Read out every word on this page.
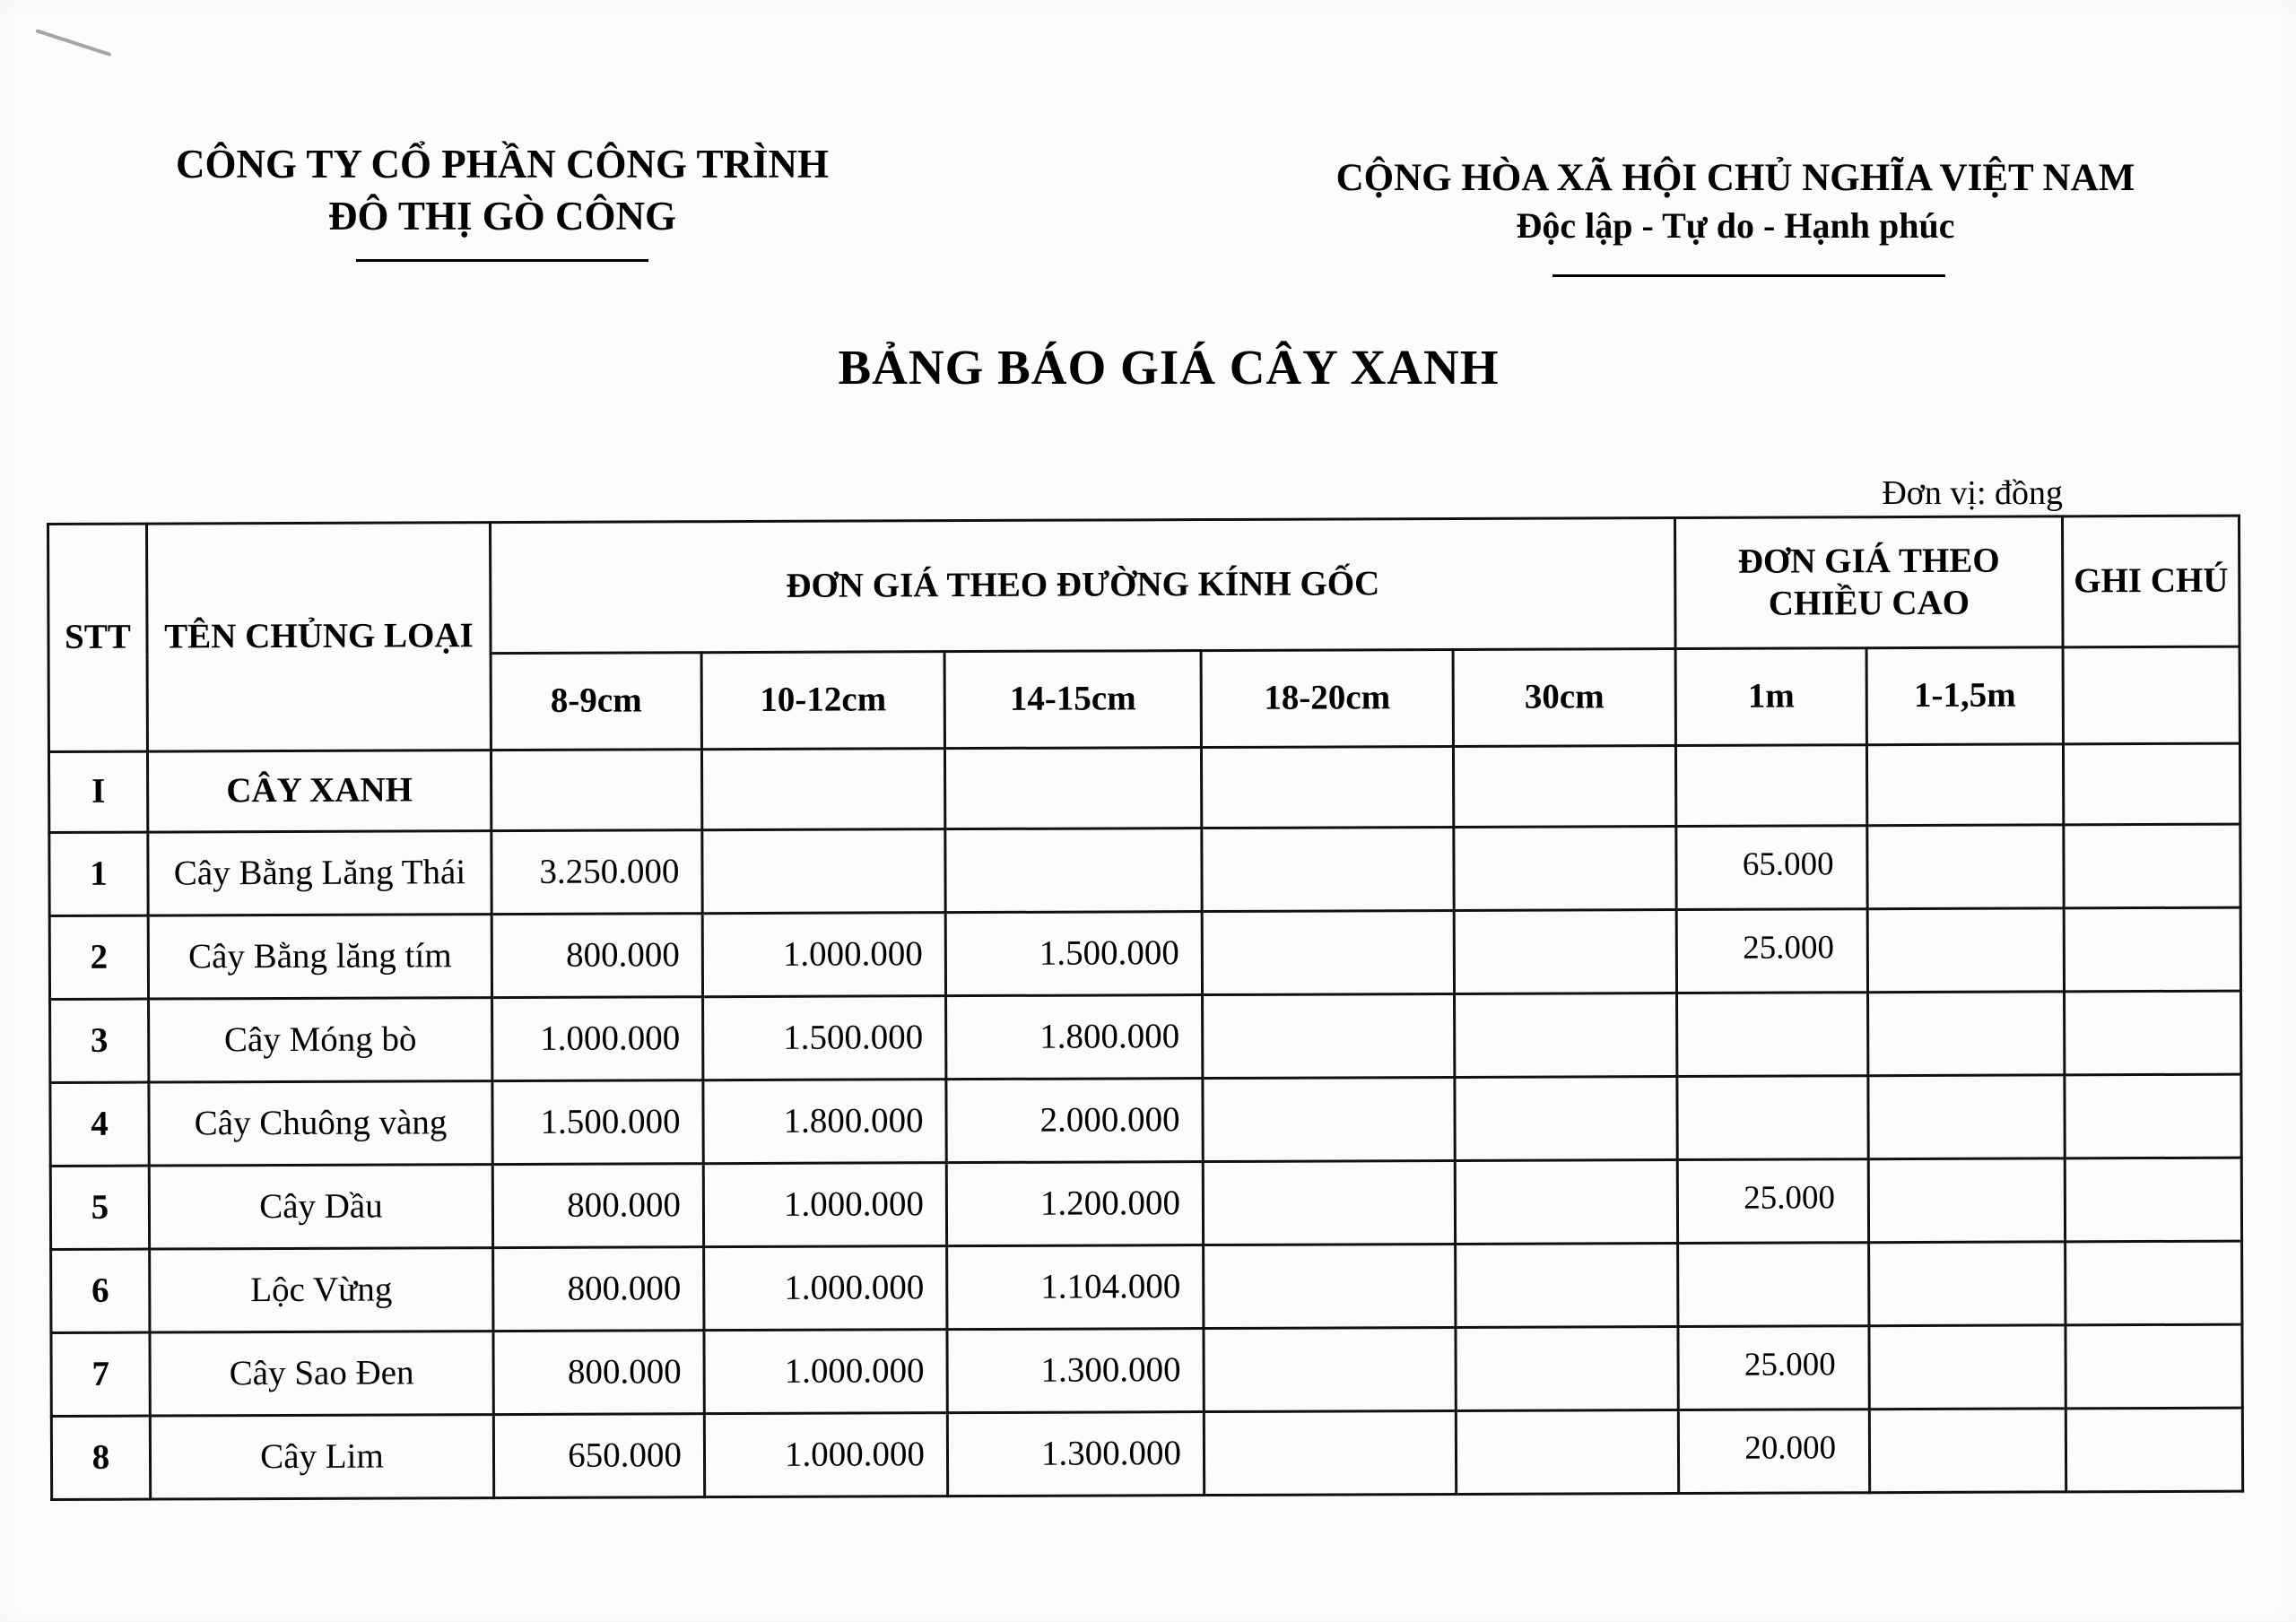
CÔNG TY CỔ PHẦN CÔNG TRÌNH
ĐÔ THỊ GÒ CÔNG
CỘNG HÒA XÃ HỘI CHỦ NGHĨA VIỆT NAM
Độc lập - Tự do - Hạnh phúc
BẢNG BÁO GIÁ CÂY XANH
Đơn vị: đồng
STT	TÊN CHỦNG LOẠI	ĐƠN GIÁ THEO ĐƯỜNG KÍNH GỐC					ĐƠN GIÁ THEO CHIỀU CAO		GHI CHÚ
		8-9cm	10-12cm	14-15cm	18-20cm	30cm	1m	1-1,5m	
I	CÂY XANH								
1	Cây Bằng Lăng Thái	3.250.000					65.000		
2	Cây Bằng lăng tím	800.000	1.000.000	1.500.000			25.000		
3	Cây Móng bò	1.000.000	1.500.000	1.800.000					
4	Cây Chuông vàng	1.500.000	1.800.000	2.000.000					
5	Cây Dầu	800.000	1.000.000	1.200.000			25.000		
6	Lộc Vừng	800.000	1.000.000	1.104.000					
7	Cây Sao Đen	800.000	1.000.000	1.300.000			25.000		
8	Cây Lim	650.000	1.000.000	1.300.000			20.000		
